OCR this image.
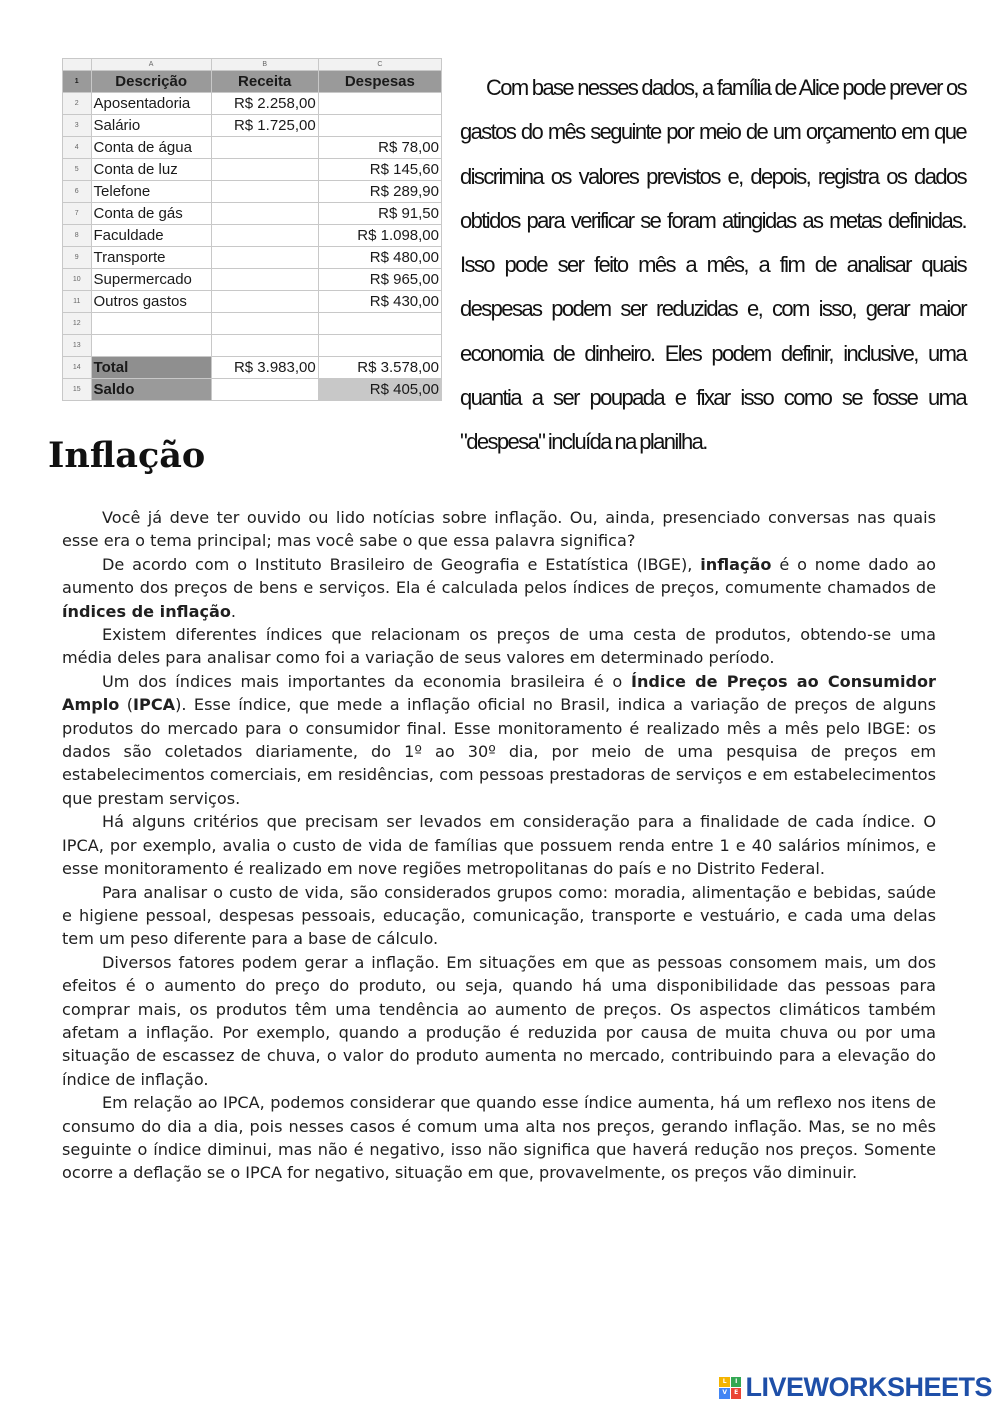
	A	B	C
1	Descrição	Receita	Despesas
2	Aposentadoria	R$ 2.258,00	
3	Salário	R$ 1.725,00	
4	Conta de água		R$ 78,00
5	Conta de luz		R$ 145,60
6	Telefone		R$ 289,90
7	Conta de gás		R$ 91,50
8	Faculdade		R$ 1.098,00
9	Transporte		R$ 480,00
10	Supermercado		R$ 965,00
11	Outros gastos		R$ 430,00
12			
13			
14	Total	R$ 3.983,00	R$ 3.578,00
15	Saldo		R$ 405,00

Com base nesses dados, a família de Alice pode prever os gastos do mês seguinte por meio de um orçamento em que discrimina os valores previstos e, depois, registra os dados obtidos para verificar se foram atingidas as metas definidas. Isso pode ser feito mês a mês, a fim de analisar quais despesas podem ser reduzidas e, com isso, gerar maior economia de dinheiro. Eles podem definir, inclusive, uma quantia a ser poupada e fixar isso como se fosse uma "despesa" incluída na planilha.

Inflação

Você já deve ter ouvido ou lido notícias sobre inflação. Ou, ainda, presenciado conversas nas quais esse era o tema principal; mas você sabe o que essa palavra significa?

De acordo com o Instituto Brasileiro de Geografia e Estatística (IBGE), inflação é o nome dado ao aumento dos preços de bens e serviços. Ela é calculada pelos índices de preços, comumente chamados de índices de inflação.

Existem diferentes índices que relacionam os preços de uma cesta de produtos, obtendo-se uma média deles para analisar como foi a variação de seus valores em determinado período.

Um dos índices mais importantes da economia brasileira é o Índice de Preços ao Consumidor Amplo (IPCA). Esse índice, que mede a inflação oficial no Brasil, indica a variação de preços de alguns produtos do mercado para o consumidor final. Esse monitoramento é realizado mês a mês pelo IBGE: os dados são coletados diariamente, do 1º ao 30º dia, por meio de uma pesquisa de preços em estabelecimentos comerciais, em residências, com pessoas prestadoras de serviços e em estabelecimentos que prestam serviços.

Há alguns critérios que precisam ser levados em consideração para a finalidade de cada índice. O IPCA, por exemplo, avalia o custo de vida de famílias que possuem renda entre 1 e 40 salários mínimos, e esse monitoramento é realizado em nove regiões metropolitanas do país e no Distrito Federal.

Para analisar o custo de vida, são considerados grupos como: moradia, alimentação e bebidas, saúde e higiene pessoal, despesas pessoais, educação, comunicação, transporte e vestuário, e cada uma delas tem um peso diferente para a base de cálculo.

Diversos fatores podem gerar a inflação. Em situações em que as pessoas consomem mais, um dos efeitos é o aumento do preço do produto, ou seja, quando há uma disponibilidade das pessoas para comprar mais, os produtos têm uma tendência ao aumento de preços. Os aspectos climáticos também afetam a inflação. Por exemplo, quando a produção é reduzida por causa de muita chuva ou por uma situação de escassez de chuva, o valor do produto aumenta no mercado, contribuindo para a elevação do índice de inflação.

Em relação ao IPCA, podemos considerar que quando esse índice aumenta, há um reflexo nos itens de consumo do dia a dia, pois nesses casos é comum uma alta nos preços, gerando inflação. Mas, se no mês seguinte o índice diminui, mas não é negativo, isso não significa que haverá redução nos preços. Somente ocorre a deflação se o IPCA for negativo, situação em que, provavelmente, os preços vão diminuir.

L	I
V	E LIVEWORKSHEETS
